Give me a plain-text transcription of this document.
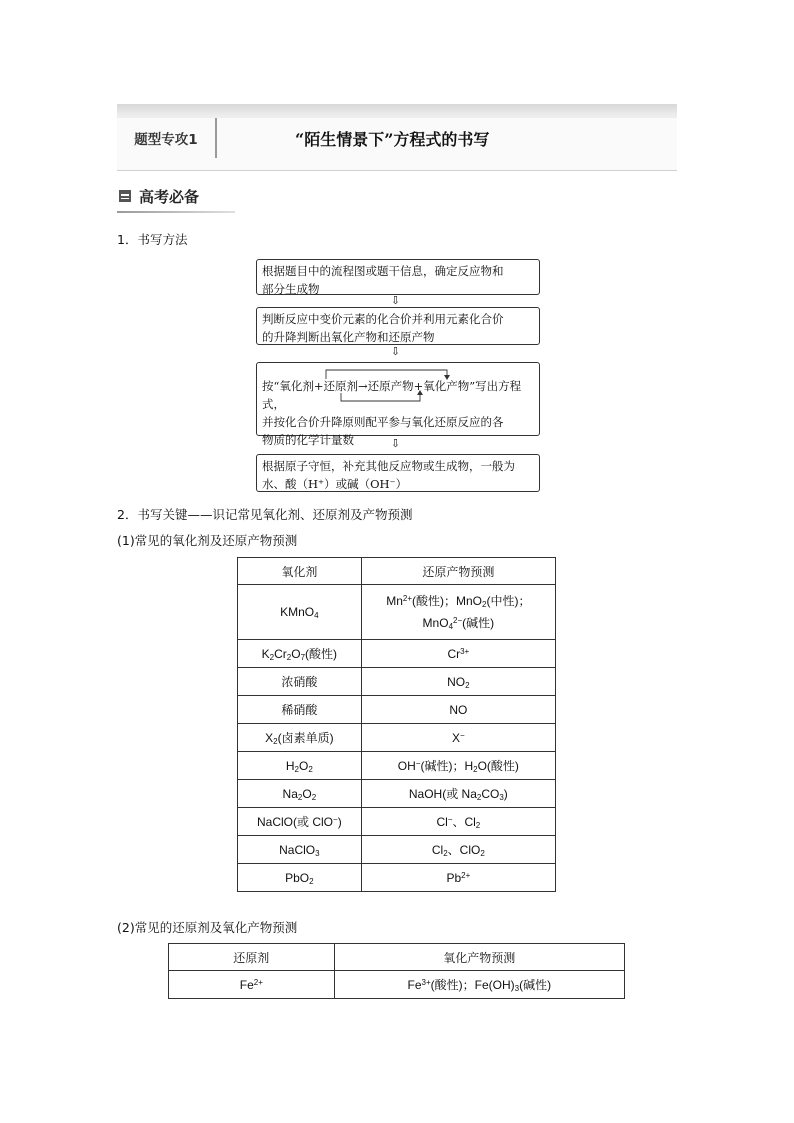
题型专攻1	“陌生情景下”方程式的书写
高考必备
1．书写方法
根据题目中的流程图或题干信息，确定反应物和
部分生成物
⇩
判断反应中变价元素的化合价并利用元素化合价
的升降判断出氧化产物和还原产物
⇩
按“氧化剂+还原剂→还原产物+氧化产物”写出方程式，
并按化合价升降原则配平参与氧化还原反应的各
物质的化学计量数	⇩
根据原子守恒，补充其他反应物或生成物，一般为
水、酸（H⁺）或碱（OH⁻）
2．书写关键——识记常见氧化剂、还原剂及产物预测
(1)常见的氧化剂及还原产物预测
氧化剂	还原产物预测
KMnO$_4$	$Mn^{2+}$(酸性)；MnO$_2$(中性)；
MnO$_4^{2-}$(碱性)
$K_2Cr_2O_7$(酸性)	$Cr^{3+}$
浓硝酸	$NO_2$
稀硝酸	NO
$X_2$(卤素单质)	X−
$H_2O_2$	OH−(碱性)；$H_2O$(酸性)
$Na_2O_2$	NaOH(或 $Na_2CO_3$)
NaClO(或 ClO−)	Cl−、$Cl_2$
NaClO$_3$	$Cl_2$、ClO$_2$
PbO$_2$	$Pb^{2+}$
(2)常见的还原剂及氧化产物预测
还原剂	氧化产物预测
$Fe^{2+}$	$Fe^{3+}$(酸性)；$Fe(OH)_3$(碱性)
